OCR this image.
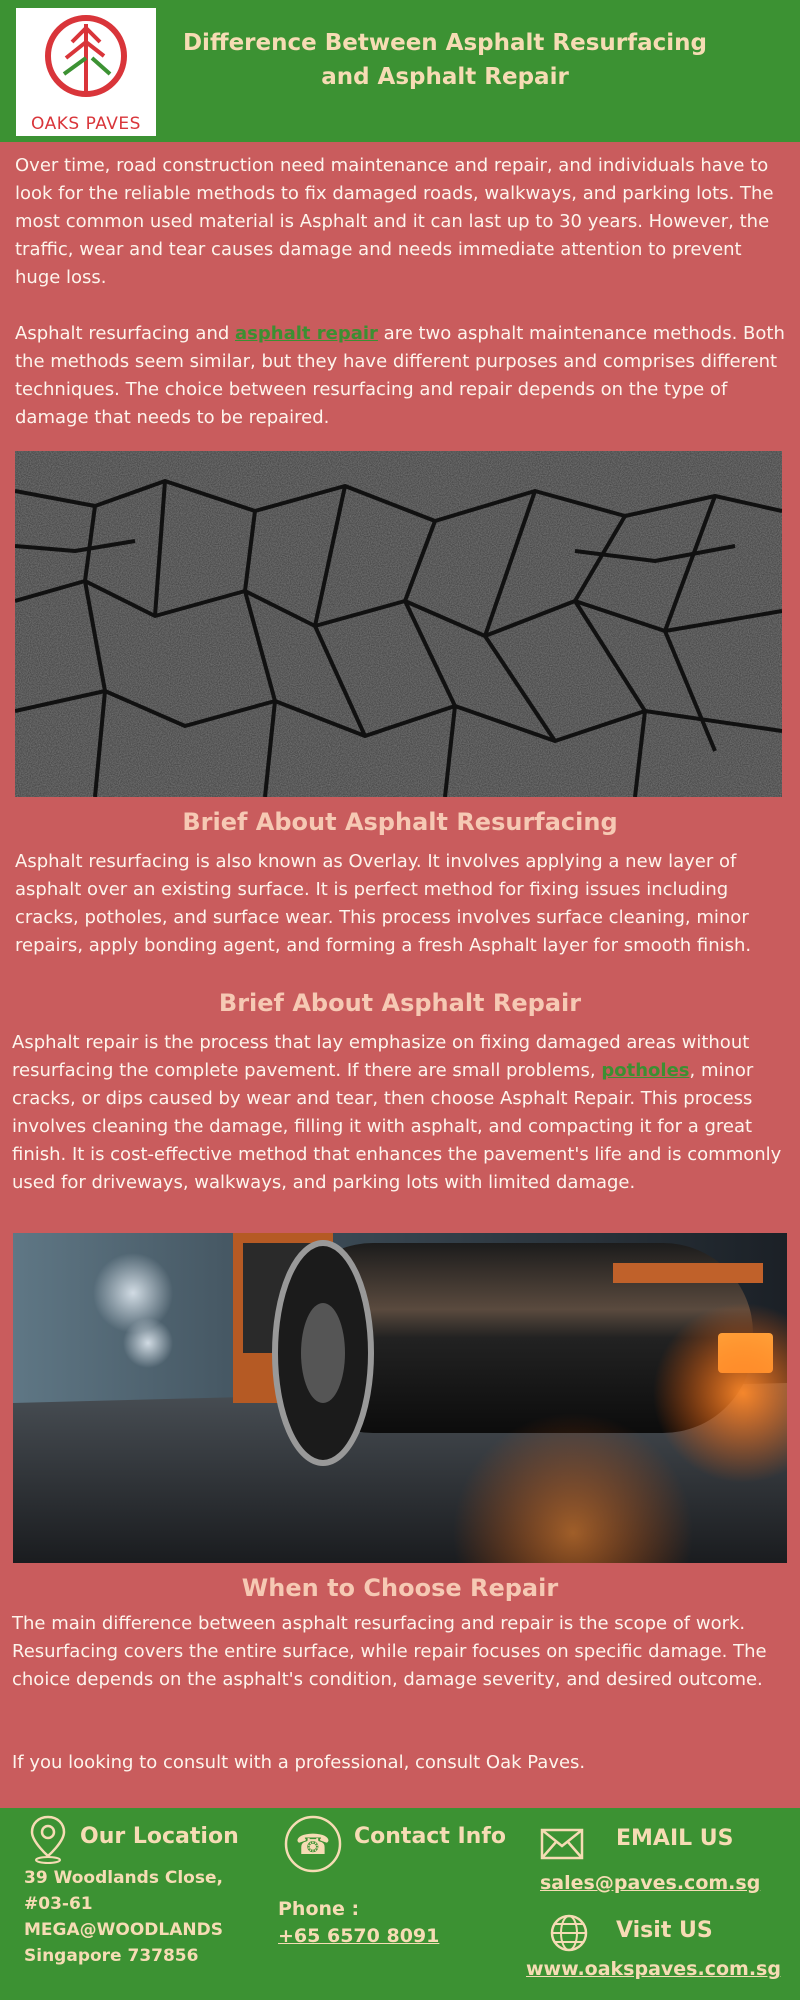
OAKS PAVES
Difference Between Asphalt Resurfacing and Asphalt Repair
Over time, road construction need maintenance and repair, and individuals have to look for the reliable methods to fix damaged roads, walkways, and parking lots. The most common used material is Asphalt and it can last up to 30 years. However, the traffic, wear and tear causes damage and needs immediate attention to prevent huge loss.
Asphalt resurfacing and asphalt repair are two asphalt maintenance methods. Both the methods seem similar, but they have different purposes and comprises different techniques. The choice between resurfacing and repair depends on the type of damage that needs to be repaired.
Brief About Asphalt Resurfacing
Asphalt resurfacing is also known as Overlay. It involves applying a new layer of asphalt over an existing surface. It is perfect method for fixing issues including cracks, potholes, and surface wear. This process involves surface cleaning, minor repairs, apply bonding agent, and forming a fresh Asphalt layer for smooth finish.
Brief About Asphalt Repair
Asphalt repair is the process that lay emphasize on fixing damaged areas without resurfacing the complete pavement. If there are small problems, potholes, minor cracks, or dips caused by wear and tear, then choose Asphalt Repair. This process involves cleaning the damage, filling it with asphalt, and compacting it for a great finish. It is cost-effective method that enhances the pavement's life and is commonly used for driveways, walkways, and parking lots with limited damage.
When to Choose Repair
The main difference between asphalt resurfacing and repair is the scope of work. Resurfacing covers the entire surface, while repair focuses on specific damage. The choice depends on the asphalt's condition, damage severity, and desired outcome.
If you looking to consult with a professional, consult Oak Paves.
Our Location
39 Woodlands Close,
#03-61
MEGA@WOODLANDS
Singapore 737856
☎ Contact Info
Phone :
+65 6570 8091
EMAIL US
sales@paves.com.sg
Visit US
www.oakspaves.com.sg
